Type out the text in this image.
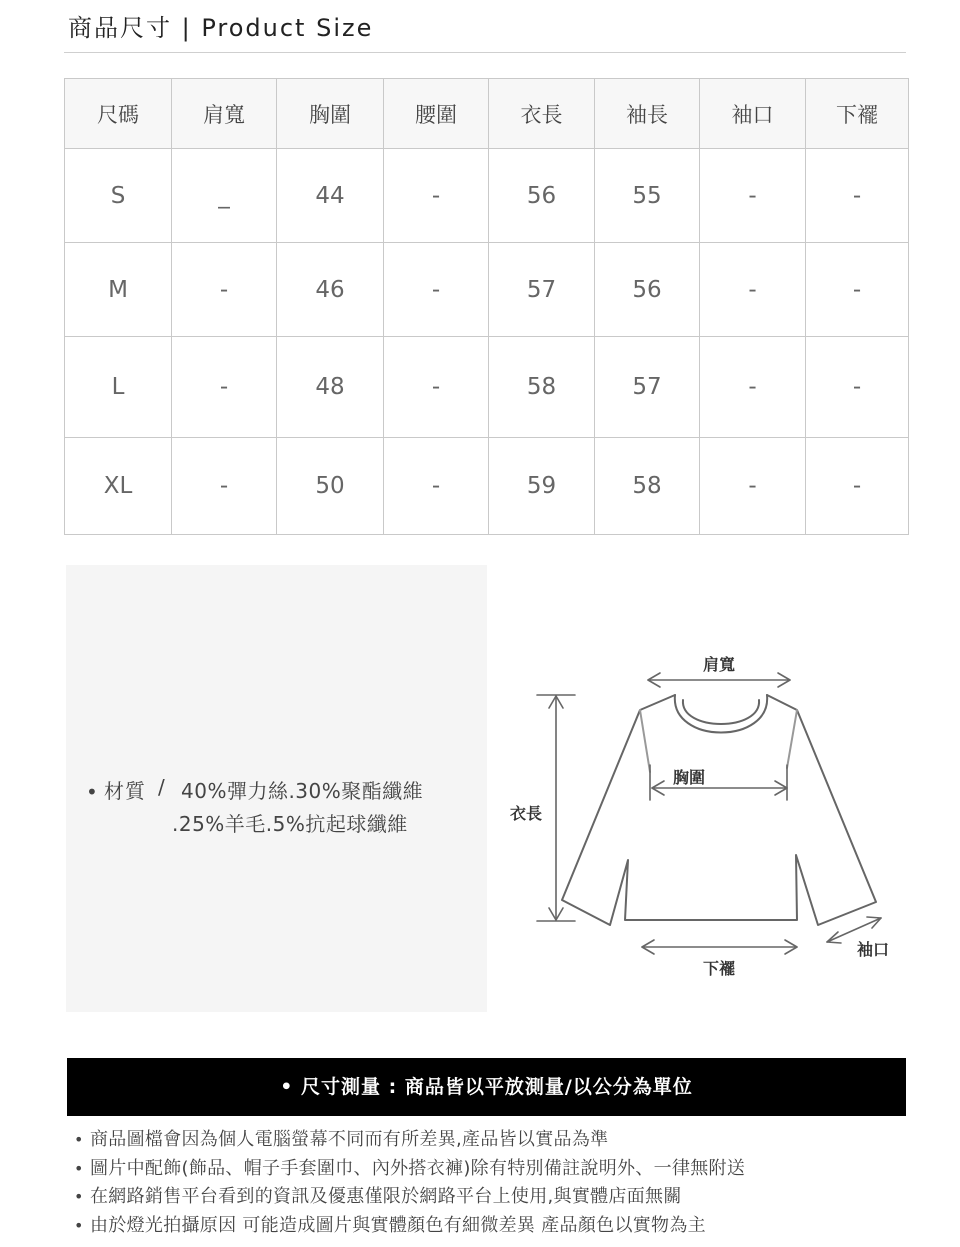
商品尺寸 | Product Size
尺碼	肩寬	胸圍	腰圍	衣長	袖長	袖口	下襬
S	_	44	-	56	55	-	-
M	-	46	-	57	56	-	-
L	-	48	-	58	57	-	-
XL	-	50	-	59	58	-	-
• 材質 / 40%彈力絲.30%聚酯纖維
.25%羊毛.5%抗起球纖維
肩寬
胸圍
衣長
下襬
袖口
• 尺寸測量 : 商品皆以平放測量/以公分為單位
• 商品圖檔會因為個人電腦螢幕不同而有所差異,產品皆以實品為準
• 圖片中配飾(飾品、帽子手套圍巾、內外搭衣褲)除有特別備註說明外、一律無附送
• 在網路銷售平台看到的資訊及優惠僅限於網路平台上使用,與實體店面無關
• 由於燈光拍攝原因 可能造成圖片與實體顏色有細微差異 產品顏色以實物為主
